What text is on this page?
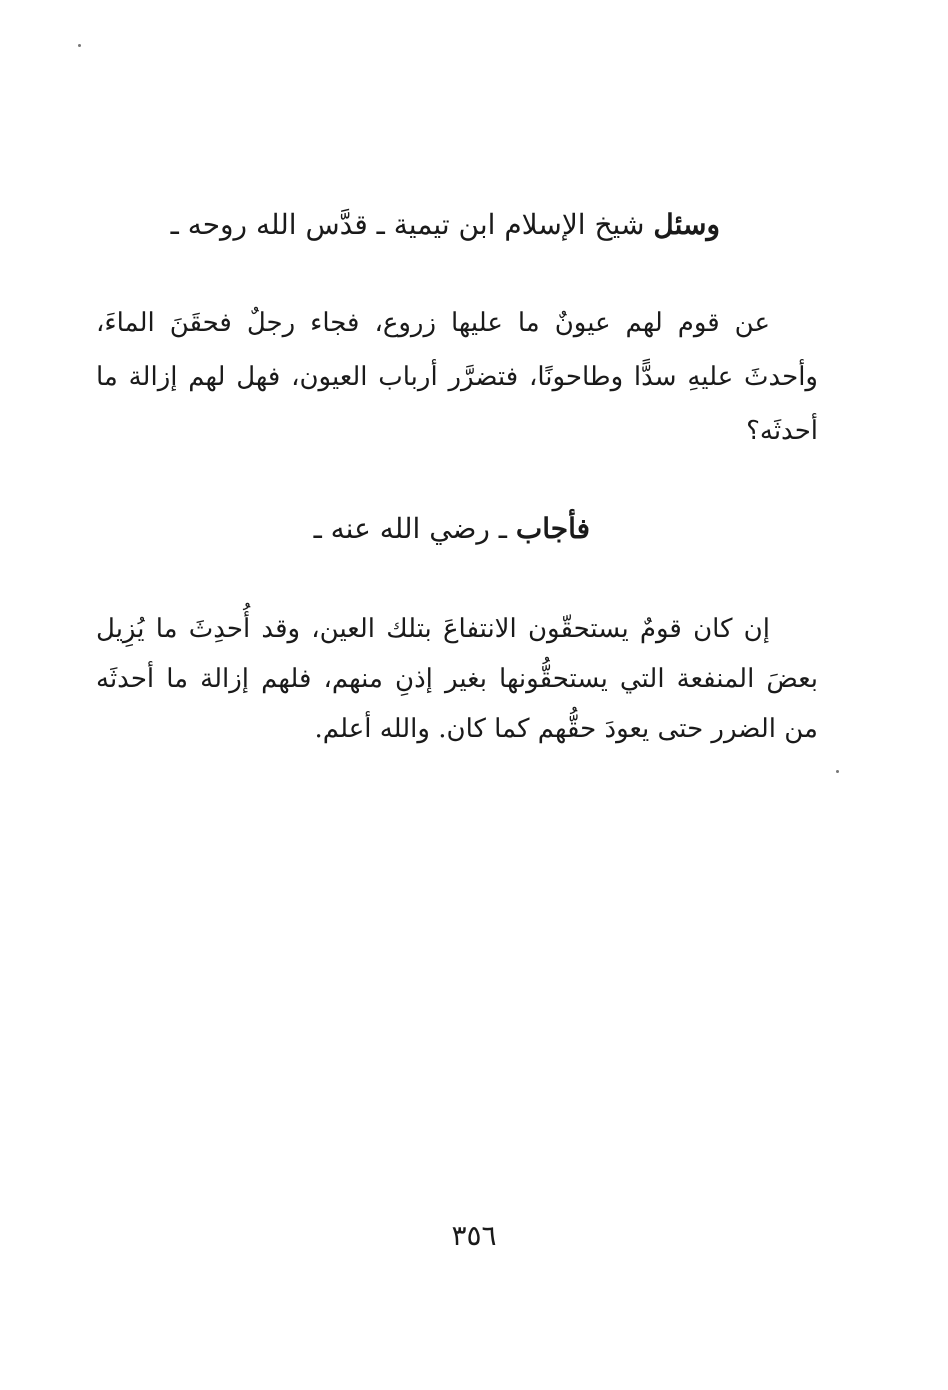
وسئل شيخ الإسلام ابن تيمية ـ قدَّس الله روحه ـ
عن قوم لهم عيونٌ ما عليها زروع، فجاء رجلٌ فحقَنَ الماءَ، وأحدثَ عليهِ سدًّا وطاحونًا، فتضرَّر أرباب العيون، فهل لهم إزالة ما أحدثَه؟
فأجاب ـ رضي الله عنه ـ
إن كان قومٌ يستحقّون الانتفاعَ بتلك العين، وقد أُحدِثَ ما يُزِيل بعضَ المنفعة التي يستحقُّونها بغير إذنِ منهم، فلهم إزالة ما أحدثَه من الضرر حتى يعودَ حقُّهم كما كان. والله أعلم.
٣٥٦
